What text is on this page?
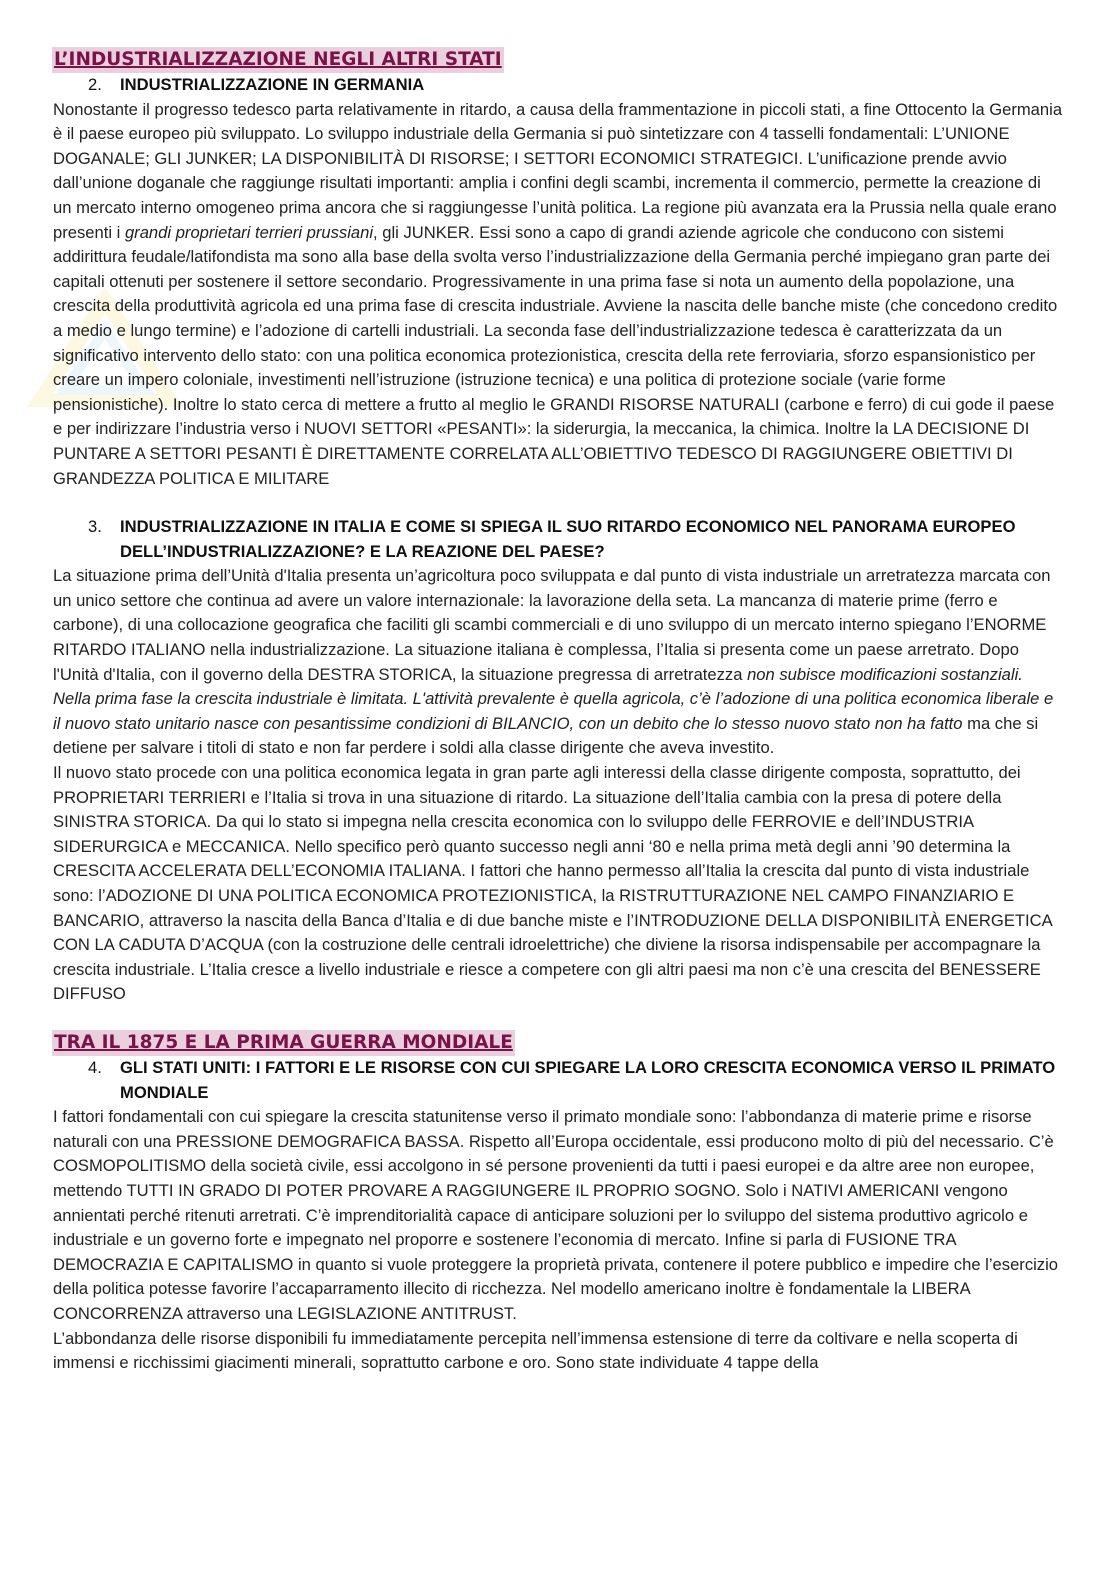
L’INDUSTRIALIZZAZIONE NEGLI ALTRI STATI
2.	INDUSTRIALIZZAZIONE IN GERMANIA

Nonostante il progresso tedesco parta relativamente in ritardo, a causa della frammentazione in piccoli stati, a fine Ottocento la Germania è il paese europeo più sviluppato. Lo sviluppo industriale della Germania si può sintetizzare con 4 tasselli fondamentali: L’UNIONE DOGANALE; GLI JUNKER; LA DISPONIBILITÀ DI RISORSE; I SETTORI ECONOMICI STRATEGICI. L’unificazione prende avvio dall’unione doganale che raggiunge risultati importanti: amplia i confini degli scambi, incrementa il commercio, permette la creazione di un mercato interno omogeneo prima ancora che si raggiungesse l’unità politica. La regione più avanzata era la Prussia nella quale erano presenti i grandi proprietari terrieri prussiani, gli JUNKER. Essi sono a capo di grandi aziende agricole che conducono con sistemi addirittura feudale/latifondista ma sono alla base della svolta verso l’industrializzazione della Germania perché impiegano gran parte dei capitali ottenuti per sostenere il settore secondario. Progressivamente in una prima fase si nota un aumento della popolazione, una crescita della produttività agricola ed una prima fase di crescita industriale. Avviene la nascita delle banche miste (che concedono credito a medio e lungo termine) e l’adozione di cartelli industriali. La seconda fase dell’industrializzazione tedesca è caratterizzata da un significativo intervento dello stato: con una politica economica protezionistica, crescita della rete ferroviaria, sforzo espansionistico per creare un impero coloniale, investimenti nell’istruzione (istruzione tecnica) e una politica di protezione sociale (varie forme pensionistiche). Inoltre lo stato cerca di mettere a frutto al meglio le GRANDI RISORSE NATURALI (carbone e ferro) di cui gode il paese e per indirizzare l’industria verso i NUOVI SETTORI «PESANTI»: la siderurgia, la meccanica, la chimica. Inoltre la LA DECISIONE DI PUNTARE A SETTORI PESANTI È DIRETTAMENTE CORRELATA ALL’OBIETTIVO TEDESCO DI RAGGIUNGERE OBIETTIVI DI GRANDEZZA POLITICA E MILITARE

3.	INDUSTRIALIZZAZIONE IN ITALIA E COME SI SPIEGA IL SUO RITARDO ECONOMICO NEL PANORAMA EUROPEO DELL’INDUSTRIALIZZAZIONE? E LA REAZIONE DEL PAESE?

La situazione prima dell’Unità d'Italia presenta un’agricoltura poco sviluppata e dal punto di vista industriale un arretratezza marcata con un unico settore che continua ad avere un valore internazionale: la lavorazione della seta. La mancanza di materie prime (ferro e carbone), di una collocazione geografica che faciliti gli scambi commerciali e di uno sviluppo di un mercato interno spiegano l’ENORME RITARDO ITALIANO nella industrializzazione. La situazione italiana è complessa, l’Italia si presenta come un paese arretrato. Dopo l'Unità d'Italia, con il governo della DESTRA STORICA, la situazione pregressa di arretratezza non subisce modificazioni sostanziali. Nella prima fase la crescita industriale è limitata. L'attività prevalente è quella agricola, c’è l’adozione di una politica economica liberale e il nuovo stato unitario nasce con pesantissime condizioni di BILANCIO, con un debito che lo stesso nuovo stato non ha fatto ma che si detiene per salvare i titoli di stato e non far perdere i soldi alla classe dirigente che aveva investito.

Il nuovo stato procede con una politica economica legata in gran parte agli interessi della classe dirigente composta, soprattutto, dei PROPRIETARI TERRIERI e l’Italia si trova in una situazione di ritardo. La situazione dell’Italia cambia con la presa di potere della SINISTRA STORICA. Da qui lo stato si impegna nella crescita economica con lo sviluppo delle FERROVIE e dell’INDUSTRIA SIDERURGICA e MECCANICA. Nello specifico però quanto successo negli anni ‘80 e nella prima metà degli anni ’90 determina la CRESCITA ACCELERATA DELL’ECONOMIA ITALIANA. I fattori che hanno permesso all’Italia la crescita dal punto di vista industriale sono: l’ADOZIONE DI UNA POLITICA ECONOMICA PROTEZIONISTICA, la RISTRUTTURAZIONE NEL CAMPO FINANZIARIO E BANCARIO, attraverso la nascita della Banca d’Italia e di due banche miste e l’INTRODUZIONE DELLA DISPONIBILITÀ ENERGETICA CON LA CADUTA D’ACQUA (con la costruzione delle centrali idroelettriche) che diviene la risorsa indispensabile per accompagnare la crescita industriale. L’Italia cresce a livello industriale e riesce a competere con gli altri paesi ma non c’è una crescita del BENESSERE DIFFUSO

TRA IL 1875 E LA PRIMA GUERRA MONDIALE
4.	GLI STATI UNITI: I FATTORI E LE RISORSE CON CUI SPIEGARE LA LORO CRESCITA ECONOMICA VERSO IL PRIMATO MONDIALE

I fattori fondamentali con cui spiegare la crescita statunitense verso il primato mondiale sono: l’abbondanza di materie prime e risorse naturali con una PRESSIONE DEMOGRAFICA BASSA. Rispetto all’Europa occidentale, essi producono molto di più del necessario. C’è COSMOPOLITISMO della società civile, essi accolgono in sé persone provenienti da tutti i paesi europei e da altre aree non europee, mettendo TUTTI IN GRADO DI POTER PROVARE A RAGGIUNGERE IL PROPRIO SOGNO. Solo i NATIVI AMERICANI vengono annientati perché ritenuti arretrati. C’è imprenditorialità capace di anticipare soluzioni per lo sviluppo del sistema produttivo agricolo e industriale e un governo forte e impegnato nel proporre e sostenere l’economia di mercato. Infine si parla di FUSIONE TRA DEMOCRAZIA E CAPITALISMO in quanto si vuole proteggere la proprietà privata, contenere il potere pubblico e impedire che l’esercizio della politica potesse favorire l’accaparramento illecito di ricchezza. Nel modello americano inoltre è fondamentale la LIBERA CONCORRENZA attraverso una LEGISLAZIONE ANTITRUST.

L’abbondanza delle risorse disponibili fu immediatamente percepita nell’immensa estensione di terre da coltivare e nella scoperta di immensi e ricchissimi giacimenti minerali, soprattutto carbone e oro. Sono state individuate 4 tappe della
